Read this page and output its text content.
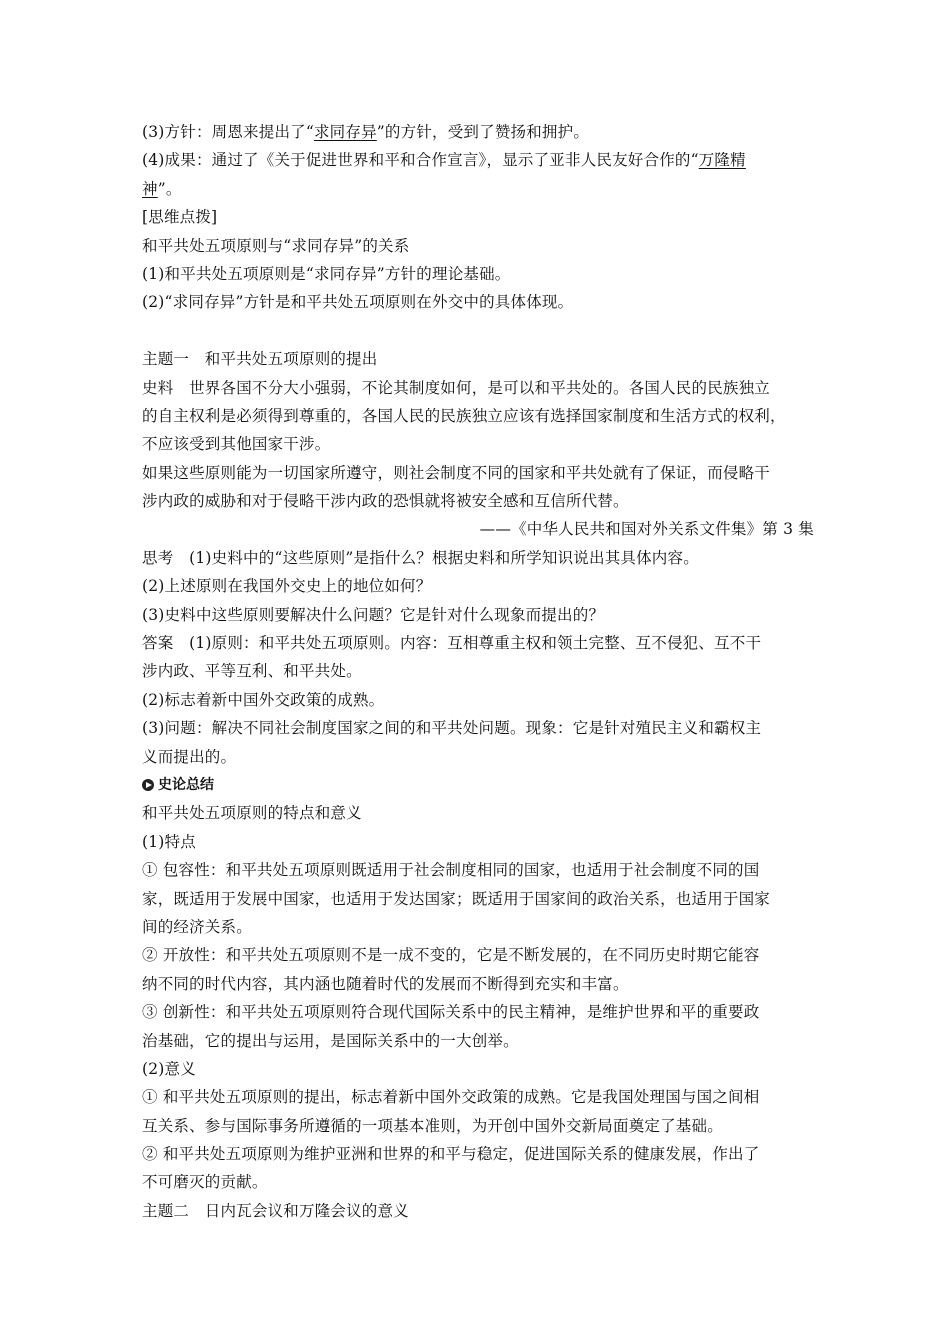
(3)方针：周恩来提出了“求同存异”的方针，受到了赞扬和拥护。
(4)成果：通过了《关于促进世界和平和合作宣言》，显示了亚非人民友好合作的“万隆精
神”。
[思维点拨]
和平共处五项原则与“求同存异”的关系
(1)和平共处五项原则是“求同存异”方针的理论基础。
(2)“求同存异”方针是和平共处五项原则在外交中的具体体现。
主题一　和平共处五项原则的提出
史料　世界各国不分大小强弱，不论其制度如何，是可以和平共处的。各国人民的民族独立
的自主权利是必须得到尊重的，各国人民的民族独立应该有选择国家制度和生活方式的权利，
不应该受到其他国家干涉。
如果这些原则能为一切国家所遵守，则社会制度不同的国家和平共处就有了保证，而侵略干
涉内政的威胁和对于侵略干涉内政的恐惧就将被安全感和互信所代替。
——《中华人民共和国对外关系文件集》第 3 集
思考　(1)史料中的“这些原则”是指什么？根据史料和所学知识说出其具体内容。
(2)上述原则在我国外交史上的地位如何？
(3)史料中这些原则要解决什么问题？它是针对什么现象而提出的？
答案　(1)原则：和平共处五项原则。内容：互相尊重主权和领土完整、互不侵犯、互不干
涉内政、平等互利、和平共处。
(2)标志着新中国外交政策的成熟。
(3)问题：解决不同社会制度国家之间的和平共处问题。现象：它是针对殖民主义和霸权主
义而提出的。
史论总结
和平共处五项原则的特点和意义
(1)特点
① 包容性：和平共处五项原则既适用于社会制度相同的国家，也适用于社会制度不同的国
家，既适用于发展中国家，也适用于发达国家；既适用于国家间的政治关系，也适用于国家
间的经济关系。
② 开放性：和平共处五项原则不是一成不变的，它是不断发展的，在不同历史时期它能容
纳不同的时代内容，其内涵也随着时代的发展而不断得到充实和丰富。
③ 创新性：和平共处五项原则符合现代国际关系中的民主精神，是维护世界和平的重要政
治基础，它的提出与运用，是国际关系中的一大创举。
(2)意义
① 和平共处五项原则的提出，标志着新中国外交政策的成熟。它是我国处理国与国之间相
互关系、参与国际事务所遵循的一项基本准则，为开创中国外交新局面奠定了基础。
② 和平共处五项原则为维护亚洲和世界的和平与稳定，促进国际关系的健康发展，作出了
不可磨灭的贡献。
主题二　日内瓦会议和万隆会议的意义
